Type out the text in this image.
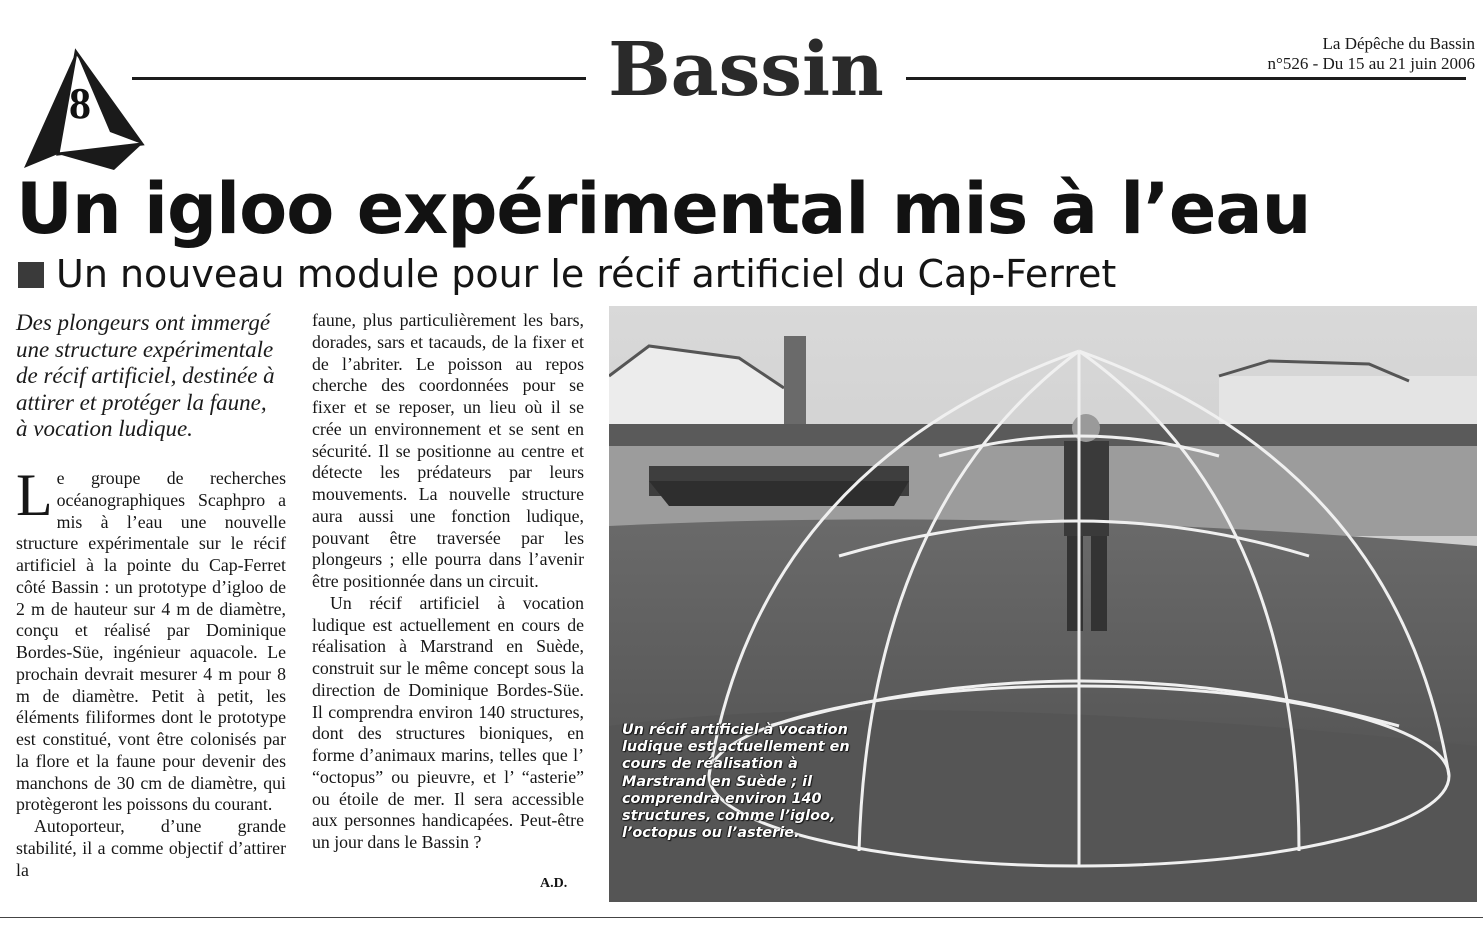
8	Bassin	La Dépêche du Bassin
n°526 - Du 15 au 21 juin 2006
Un igloo expérimental mis à l’eau
Un nouveau module pour le récif artificiel du Cap-Ferret
Des plongeurs ont immergé une structure expérimentale de récif artificiel, destinée à attirer et protéger la faune, à vocation ludique.

Le groupe de recherches océanographiques Scaphpro a mis à l’eau une nouvelle structure expérimentale sur le récif artificiel à la pointe du Cap-Ferret côté Bassin : un prototype d’igloo de 2 m de hauteur sur 4 m de diamètre, conçu et réalisé par Dominique Bordes-Süe, ingénieur aquacole. Le prochain devrait mesurer 4 m pour 8 m de diamètre. Petit à petit, les éléments filiformes dont le prototype est constitué, vont être colonisés par la flore et la faune pour devenir des manchons de 30 cm de diamètre, qui protègeront les poissons du courant.

Autoporteur, d’une grande stabilité, il a comme objectif d’attirer la

faune, plus particulièrement les bars, dorades, sars et tacauds, de la fixer et de l’abriter. Le poisson au repos cherche des coordonnées pour se fixer et se reposer, un lieu où il se crée un environnement et se sent en sécurité. Il se positionne au centre et détecte les prédateurs par leurs mouvements. La nouvelle structure aura aussi une fonction ludique, pouvant être traversée par les plongeurs ; elle pourra dans l’avenir être positionnée dans un circuit.

Un récif artificiel à vocation ludique est actuellement en cours de réalisation à Marstrand en Suède, construit sur le même concept sous la direction de Dominique Bordes-Süe. Il comprendra environ 140 structures, dont des structures bioniques, en forme d’animaux marins, telles que l’ “octopus” ou pieuvre, et l’ “asterie” ou étoile de mer. Il sera accessible aux personnes handicapées. Peut-être un jour dans le Bassin ?

A.D.
Un récif artificiel à vocation ludique est actuellement en cours de réalisation à Marstrand en Suède ; il comprendra environ 140 structures, comme l’igloo, l’octopus ou l’asterie.
